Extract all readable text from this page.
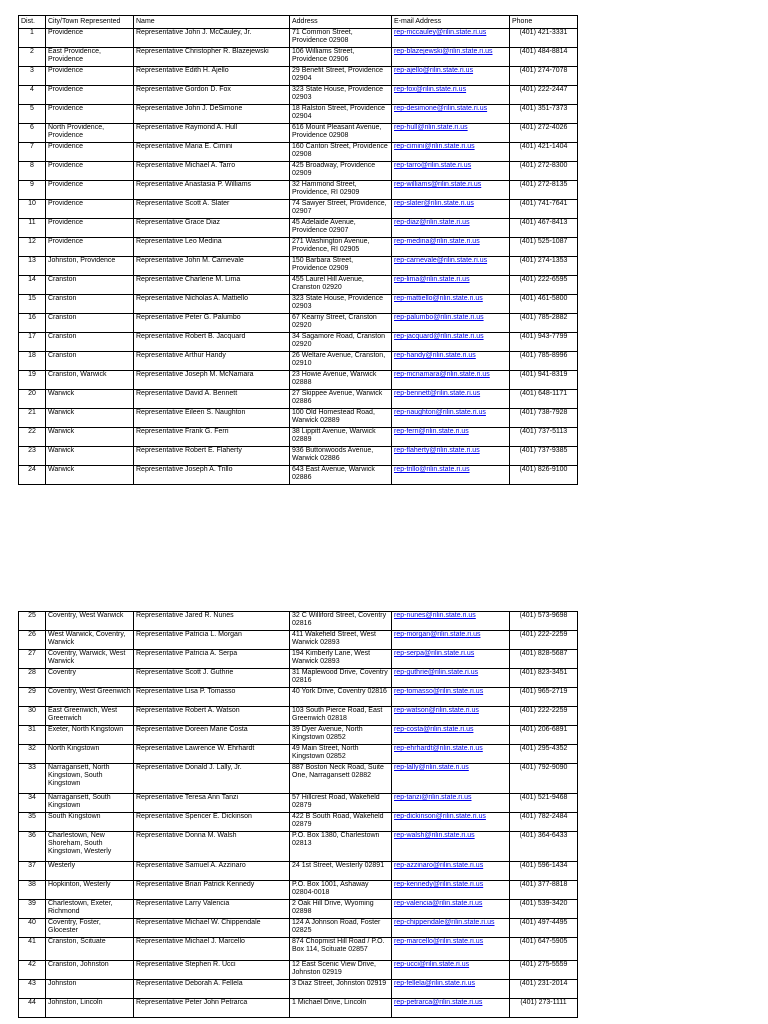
Dist.	City/Town Represented	Name	Address	E-mail Address	Phone
1	Providence	Representative John J. McCauley, Jr.	71 Common Street, Providence 02908	rep-mccauley@rilin.state.ri.us	(401) 421-3331
2	East Providence, Providence	Representative Christopher R. Blazejewski	106 Williams Street, Providence 02906	rep-blazejewski@rilin.state.ri.us	(401) 484-8814
3	Providence	Representative Edith H. Ajello	29 Benefit Street, Providence 02904	rep-ajello@rilin.state.ri.us	(401) 274-7078
4	Providence	Representative Gordon D. Fox	323 State House, Providence 02903	rep-fox@rilin.state.ri.us	(401) 222-2447
5	Providence	Representative John J. DeSimone	18 Ralston Street, Providence 02904	rep-desimone@rilin.state.ri.us	(401) 351-7373
6	North Providence, Providence	Representative Raymond A. Hull	616 Mount Pleasant Avenue, Providence 02908	rep-hull@rilin.state.ri.us	(401) 272-4026
7	Providence	Representative Maria E. Cimini	160 Canton Street, Providence 02908	rep-cimini@rilin.state.ri.us	(401) 421-1404
8	Providence	Representative Michael A. Tarro	425 Broadway, Providence 02909	rep-tarro@rilin.state.ri.us	(401) 272-8300
9	Providence	Representative Anastasia P. Williams	32 Hammond Street, Providence, RI 02909	rep-williams@rilin.state.ri.us	(401) 272-8135
10	Providence	Representative Scott A. Slater	74 Sawyer Street, Providence, 02907	rep-slater@rilin.state.ri.us	(401) 741-7641
11	Providence	Representative Grace Diaz	45 Adelaide Avenue, Providence 02907	rep-diaz@rilin.state.ri.us	(401) 467-8413
12	Providence	Representative Leo Medina	271 Washington Avenue, Providence, RI 02905	rep-medina@rilin.state.ri.us	(401) 525-1087
13	Johnston, Providence	Representative John M. Carnevale	150 Barbara Street, Providence 02909	rep-carnevale@rilin.state.ri.us	(401) 274-1353
14	Cranston	Representative Charlene M. Lima	455 Laurel Hill Avenue, Cranston 02920	rep-lima@rilin.state.ri.us	(401) 222-6595
15	Cranston	Representative Nicholas A. Mattiello	323 State House, Providence 02903	rep-mattiello@rilin.state.ri.us	(401) 461-5800
16	Cranston	Representative Peter G. Palumbo	67 Kearny Street, Cranston 02920	rep-palumbo@rilin.state.ri.us	(401) 785-2882
17	Cranston	Representative Robert B. Jacquard	34 Sagamore Road, Cranston 02920	rep-jacquard@rilin.state.ri.us	(401) 943-7799
18	Cranston	Representative Arthur Handy	26 Weltare Avenue, Cranston, 02910	rep-handy@rilin.state.ri.us	(401) 785-8996
19	Cranston, Warwick	Representative Joseph M. McNamara	23 Howie Avenue, Warwick 02888	rep-mcnamara@rilin.state.ri.us	(401) 941-8319
20	Warwick	Representative David A. Bennett	27 Skippee Avenue, Warwick 02886	rep-bennett@rilin.state.ri.us	(401) 648-1171
21	Warwick	Representative Eileen S. Naughton	100 Old Homestead Road, Warwick 02889	rep-naughton@rilin.state.ri.us	(401) 738-7928
22	Warwick	Representative Frank G. Ferri	38 Lippitt Avenue, Warwick 02889	rep-ferri@rilin.state.ri.us	(401) 737-5113
23	Warwick	Representative Robert E. Flaherty	936 Buttonwoods Avenue, Warwick 02886	rep-flaherty@rilin.state.ri.us	(401) 737-9385
24	Warwick	Representative Joseph A. Trillo	643 East Avenue, Warwick 02886	rep-trillo@rilin.state.ri.us	(401) 826-9100
25	Coventry, West Warwick	Representative Jared R. Nunes	32 C Williford Street, Coventry 02816	rep-nunes@rilin.state.ri.us	(401) 573-9698
26	West Warwick, Coventry, Warwick	Representative Patricia L. Morgan	411 Wakefield Street, West Warwick 02893	rep-morgan@rilin.state.ri.us	(401) 222-2259
27	Coventry, Warwick, West Warwick	Representative Patricia A. Serpa	194 Kimberly Lane, West Warwick 02893	rep-serpa@rilin.state.ri.us	(401) 828-5687
28	Coventry	Representative Scott J. Guthrie	31 Maplewood Drive, Coventry 02816	rep-guthrie@rilin.state.ri.us	(401) 823-3451
29	Coventry, West Greenwich	Representative Lisa P. Tomasso	40 York Drive, Coventry 02816	rep-tomasso@rilin.state.ri.us	(401) 965-2719
30	East Greenwich, West Greenwich	Representative Robert A. Watson	103 South Pierce Road, East Greenwich 02818	rep-watson@rilin.state.ri.us	(401) 222-2259
31	Exeter, North Kingstown	Representative Doreen Marie Costa	39 Dyer Avenue, North Kingstown 02852	rep-costa@rilin.state.ri.us	(401) 206-6891
32	North Kingstown	Representative Lawrence W. Ehrhardt	49 Main Street, North Kingstown 02852	rep-ehrhardt@rilin.state.ri.us	(401) 295-4352
33	Narragansett, North Kingstown, South Kingstown	Representative Donald J. Lally, Jr.	887 Boston Neck Road, Suite One, Narragansett 02882	rep-lally@rilin.state.ri.us	(401) 792-9090
34	Narragansett, South Kingstown	Representative Teresa Ann Tanzi	57 Hillcrest Road, Wakefield 02879	rep-tanzi@rilin.state.ri.us	(401) 521-9468
35	South Kingstown	Representative Spencer E. Dickinson	422 B South Road, Wakefield 02879	rep-dickinson@rilin.state.ri.us	(401) 782-2484
36	Charlestown, New Shoreham, South Kingstown, Westerly	Representative Donna M. Walsh	P.O. Box 1380, Charlestown 02813	rep-walsh@rilin.state.ri.us	(401) 364-6433
37	Westerly	Representative Samuel A. Azzinaro	24 1st Street, Westerly 02891	rep-azzinaro@rilin.state.ri.us	(401) 596-1434
38	Hopkinton, Westerly	Representative Brian Patrick Kennedy	P.O. Box 1001, Ashaway 02804-0018	rep-kennedy@rilin.state.ri.us	(401) 377-8818
39	Charlestown, Exeter, Richmond	Representative Larry Valencia	2 Oak Hill Drive, Wyoming 02898	rep-valencia@rilin.state.ri.us	(401) 539-3420
40	Coventry, Foster, Glocester	Representative Michael W. Chippendale	124 A Johnson Road, Foster 02825	rep-chippendale@rilin.state.ri.us	(401) 497-4495
41	Cranston, Scituate	Representative Michael J. Marcello	874 Chopmist Hill Road / P.O. Box 114, Scituate 02857	rep-marcello@rilin.state.ri.us	(401) 647-5905
42	Cranston, Johnston	Representative Stephen R. Ucci	12 East Scenic View Drive, Johnston 02919	rep-ucci@rilin.state.ri.us	(401) 275-5559
43	Johnston	Representative Deborah A. Fellela	3 Diaz Street, Johnston 02919	rep-fellela@rilin.state.ri.us	(401) 231-2014
44	Johnston, Lincoln	Representative Peter John Petrarca	1 Michael Drive, Lincoln	rep-petrarca@rilin.state.ri.us	(401) 273-1111
